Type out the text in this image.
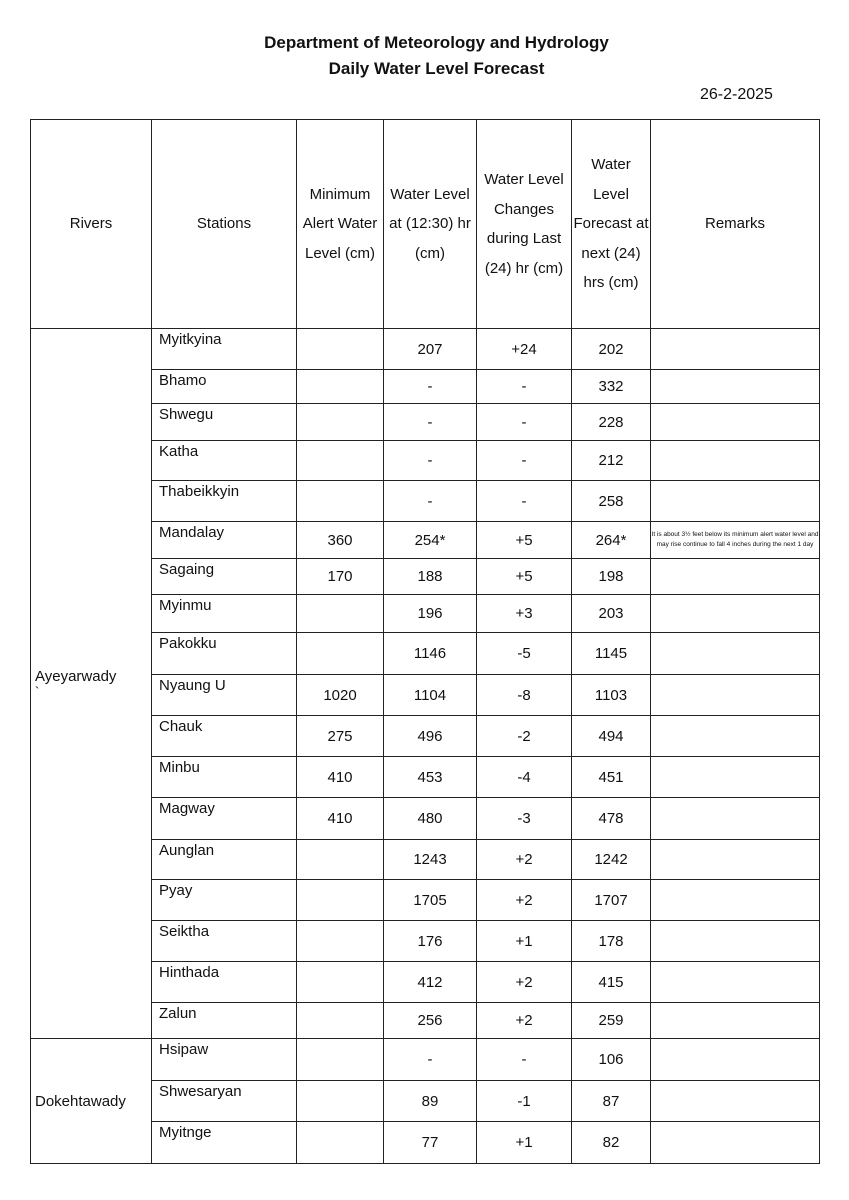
Department of Meteorology and Hydrology
Daily Water Level Forecast
26-2-2025
Rivers	Stations	Minimum Alert Water Level (cm)	Water Level at (12:30) hr (cm)	Water Level Changes during Last (24) hr (cm)	Water Level Forecast at next (24) hrs (cm)	Remarks

Ayeyarwady
`	Myitkyina		207	+24	202	
	Bhamo		-	-	332	
	Shwegu		-	-	228	
	Katha		-	-	212	
	Thabeikkyin		-	-	258	
	Mandalay	360	254*	+5	264*	It is about 3½ feet below its minimum alert water level and may rise continue to fall 4 inches during the next 1 day
	Sagaing	170	188	+5	198	
	Myinmu		196	+3	203	
	Pakokku		1146	-5	1145	
	Nyaung U	1020	1104	-8	1103	
	Chauk	275	496	-2	494	
	Minbu	410	453	-4	451	
	Magway	410	480	-3	478	
	Aunglan		1243	+2	1242	
	Pyay		1705	+2	1707	
	Seiktha		176	+1	178	
	Hinthada		412	+2	415	
	Zalun		256	+2	259	

Dokehtawady	Hsipaw		-	-	106	
	Shwesaryan		89	-1	87	
	Myitnge		77	+1	82	
